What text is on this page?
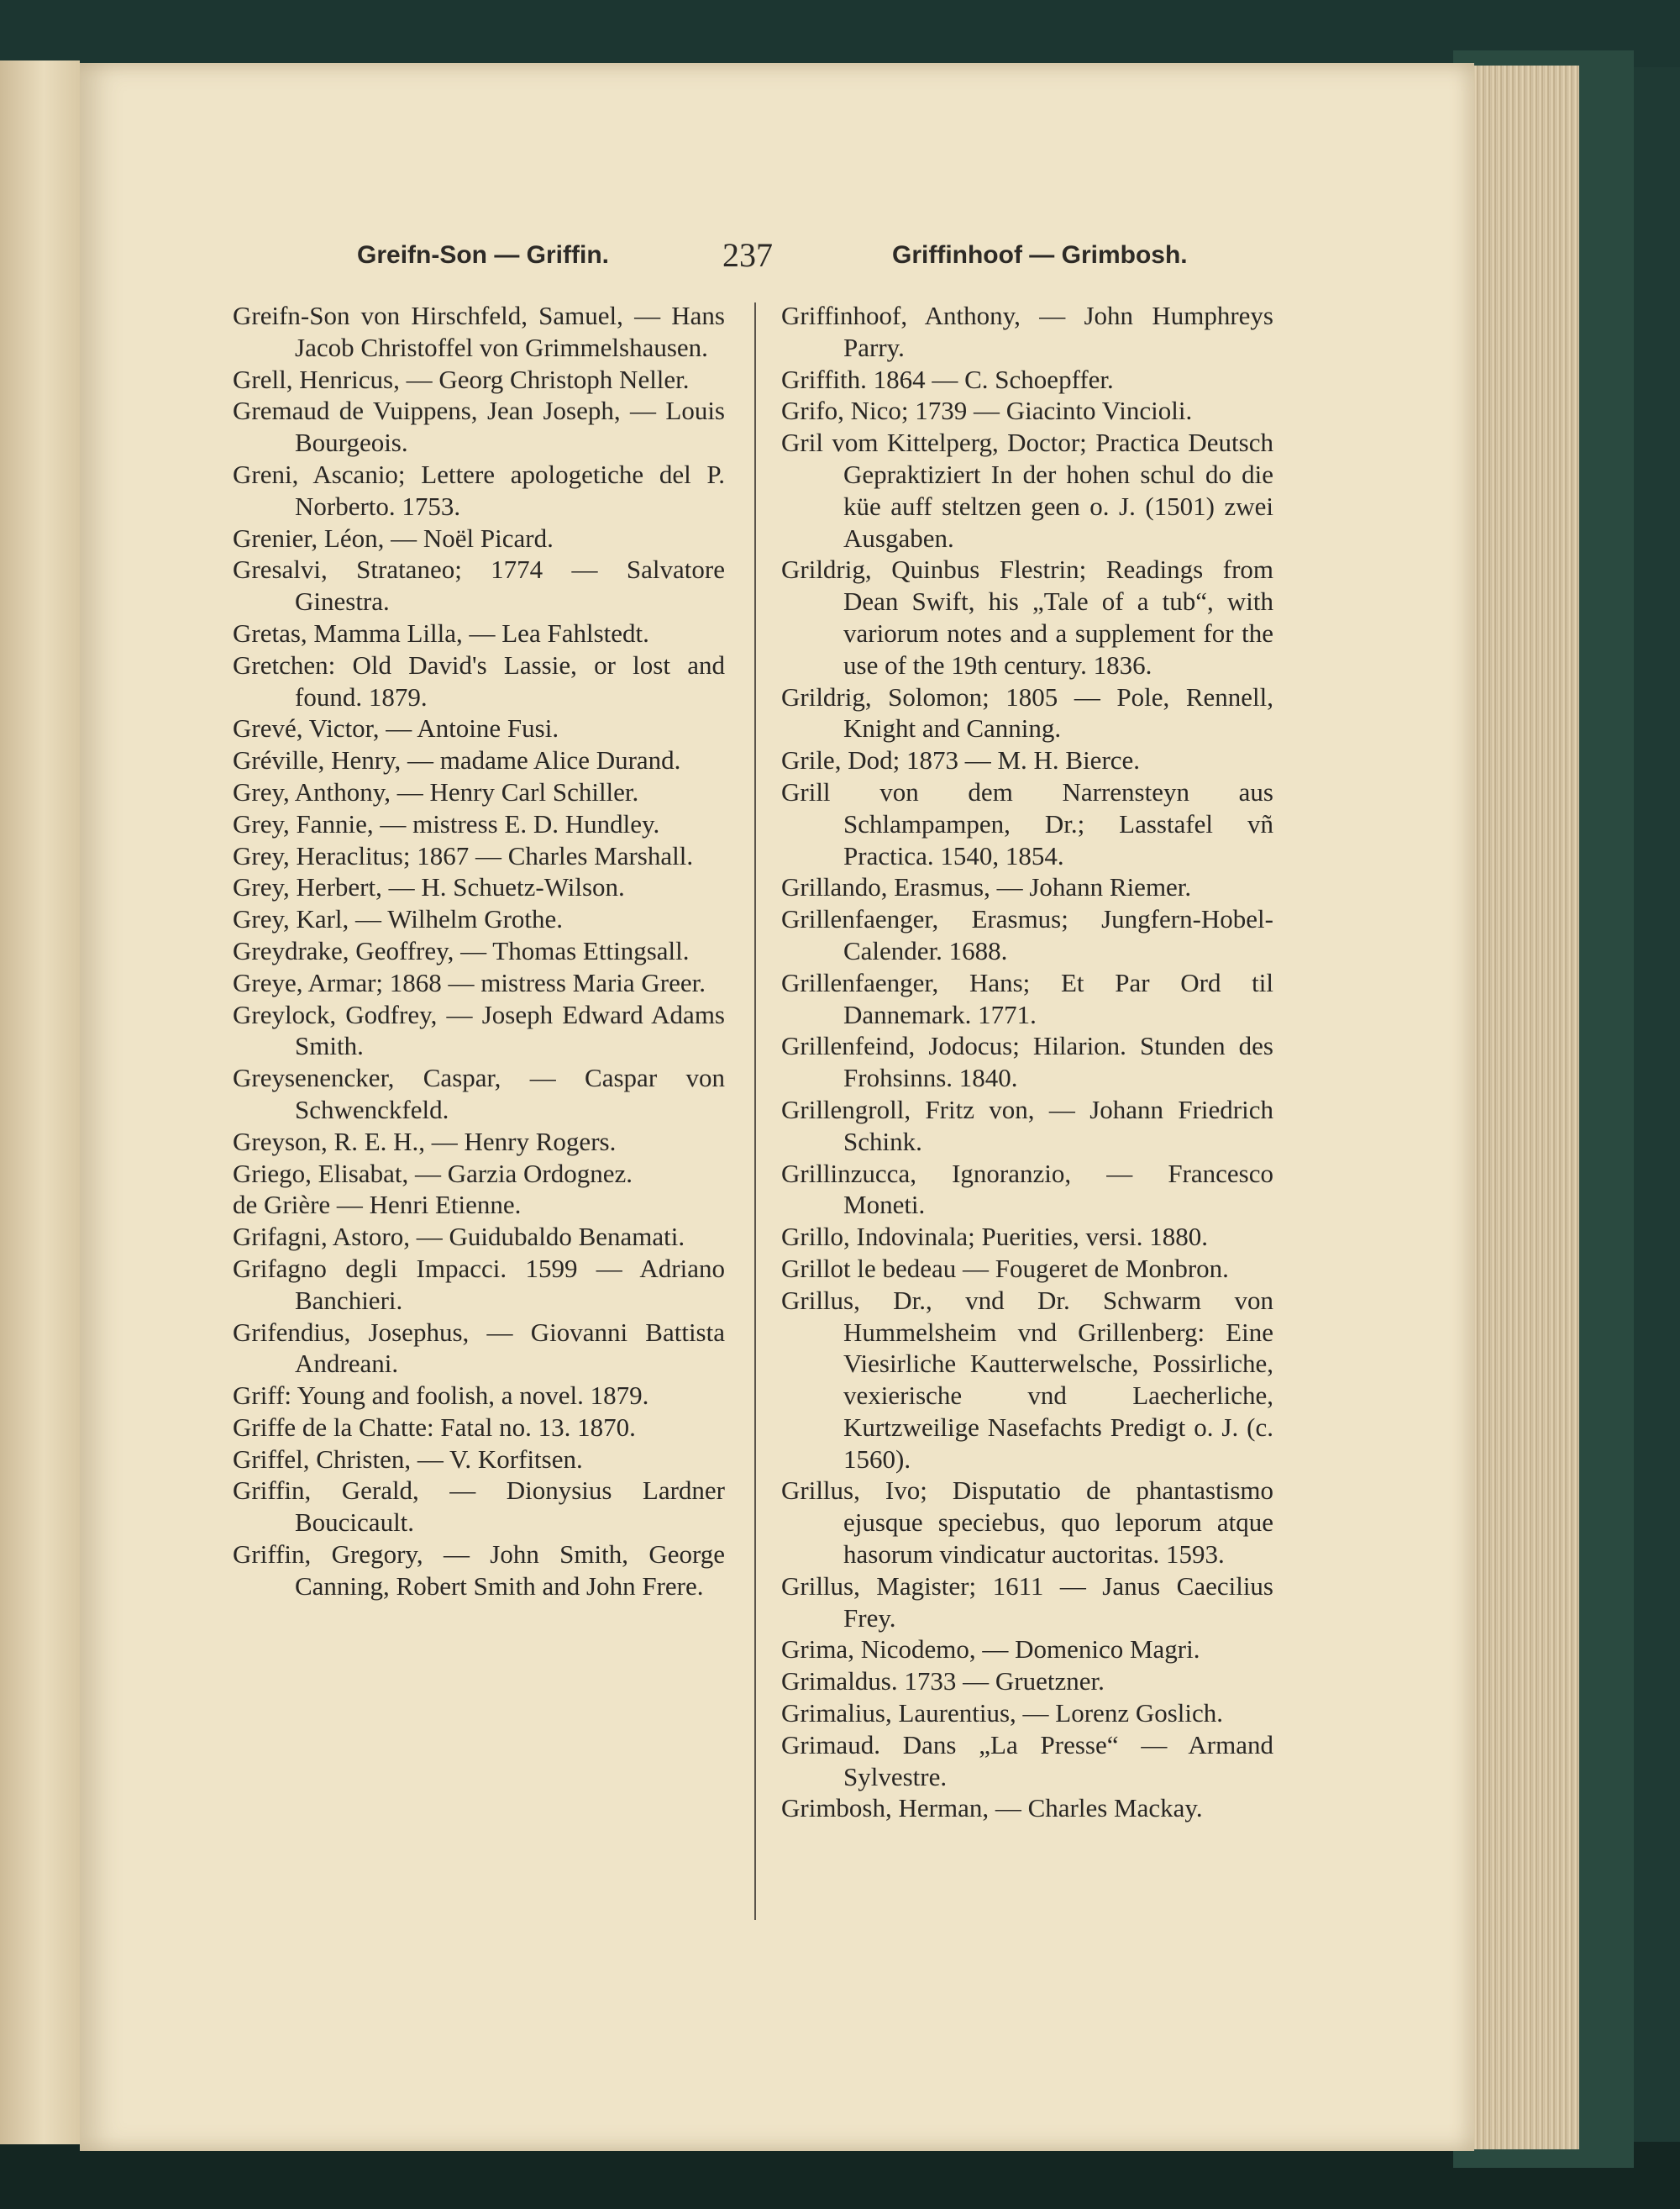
Greifn-Son — Griffin.	237	Griffinhoof — Grimbosh.
Greifn-Son von Hirschfeld, Samuel, — Hans Jacob Christoffel von Grimmelshausen.
Grell, Henricus, — Georg Christoph Neller.
Gremaud de Vuippens, Jean Joseph, — Louis Bourgeois.
Greni, Ascanio; Lettere apologetiche del P. Norberto. 1753.
Grenier, Léon, — Noël Picard.
Gresalvi, Strataneo; 1774 — Salvatore Ginestra.
Gretas, Mamma Lilla, — Lea Fahlstedt.
Gretchen: Old David's Lassie, or lost and found. 1879.
Grevé, Victor, — Antoine Fusi.
Gréville, Henry, — madame Alice Durand.
Grey, Anthony, — Henry Carl Schiller.
Grey, Fannie, — mistress E. D. Hundley.
Grey, Heraclitus; 1867 — Charles Marshall.
Grey, Herbert, — H. Schuetz-Wilson.
Grey, Karl, — Wilhelm Grothe.
Greydrake, Geoffrey, — Thomas Ettingsall.
Greye, Armar; 1868 — mistress Maria Greer.
Greylock, Godfrey, — Joseph Edward Adams Smith.
Greysenencker, Caspar, — Caspar von Schwenckfeld.
Greyson, R. E. H., — Henry Rogers.
Griego, Elisabat, — Garzia Ordognez.
de Grière — Henri Etienne.
Grifagni, Astoro, — Guidubaldo Benamati.
Grifagno degli Impacci. 1599 — Adriano Banchieri.
Grifendius, Josephus, — Giovanni Battista Andreani.
Griff: Young and foolish, a novel. 1879.
Griffe de la Chatte: Fatal no. 13. 1870.
Griffel, Christen, — V. Korfitsen.
Griffin, Gerald, — Dionysius Lardner Boucicault.
Griffin, Gregory, — John Smith, George Canning, Robert Smith and John Frere.
Griffinhoof, Anthony, — John Humphreys Parry.
Griffith. 1864 — C. Schoepffer.
Grifo, Nico; 1739 — Giacinto Vincioli.
Gril vom Kittelperg, Doctor; Practica Deutsch Gepraktiziert In der hohen schul do die küe auff steltzen geen o. J. (1501) zwei Ausgaben.
Grildrig, Quinbus Flestrin; Readings from Dean Swift, his „Tale of a tub“, with variorum notes and a supplement for the use of the 19th century. 1836.
Grildrig, Solomon; 1805 — Pole, Rennell, Knight and Canning.
Grile, Dod; 1873 — M. H. Bierce.
Grill von dem Narrensteyn aus Schlampampen, Dr.; Lasstafel vñ Practica. 1540, 1854.
Grillando, Erasmus, — Johann Riemer.
Grillenfaenger, Erasmus; Jungfern-Hobel-Calender. 1688.
Grillenfaenger, Hans; Et Par Ord til Dannemark. 1771.
Grillenfeind, Jodocus; Hilarion. Stunden des Frohsinns. 1840.
Grillengroll, Fritz von, — Johann Friedrich Schink.
Grillinzucca, Ignoranzio, — Francesco Moneti.
Grillo, Indovinala; Puerities, versi. 1880.
Grillot le bedeau — Fougeret de Monbron.
Grillus, Dr., vnd Dr. Schwarm von Hummelsheim vnd Grillenberg: Eine Viesirliche Kautterwelsche, Possirliche, vexierische vnd Laecherliche, Kurtzweilige Nasefachts Predigt o. J. (c. 1560).
Grillus, Ivo; Disputatio de phantastismo ejusque speciebus, quo leporum atque hasorum vindicatur auctoritas. 1593.
Grillus, Magister; 1611 — Janus Caecilius Frey.
Grima, Nicodemo, — Domenico Magri.
Grimaldus. 1733 — Gruetzner.
Grimalius, Laurentius, — Lorenz Goslich.
Grimaud. Dans „La Presse“ — Armand Sylvestre.
Grimbosh, Herman, — Charles Mackay.
